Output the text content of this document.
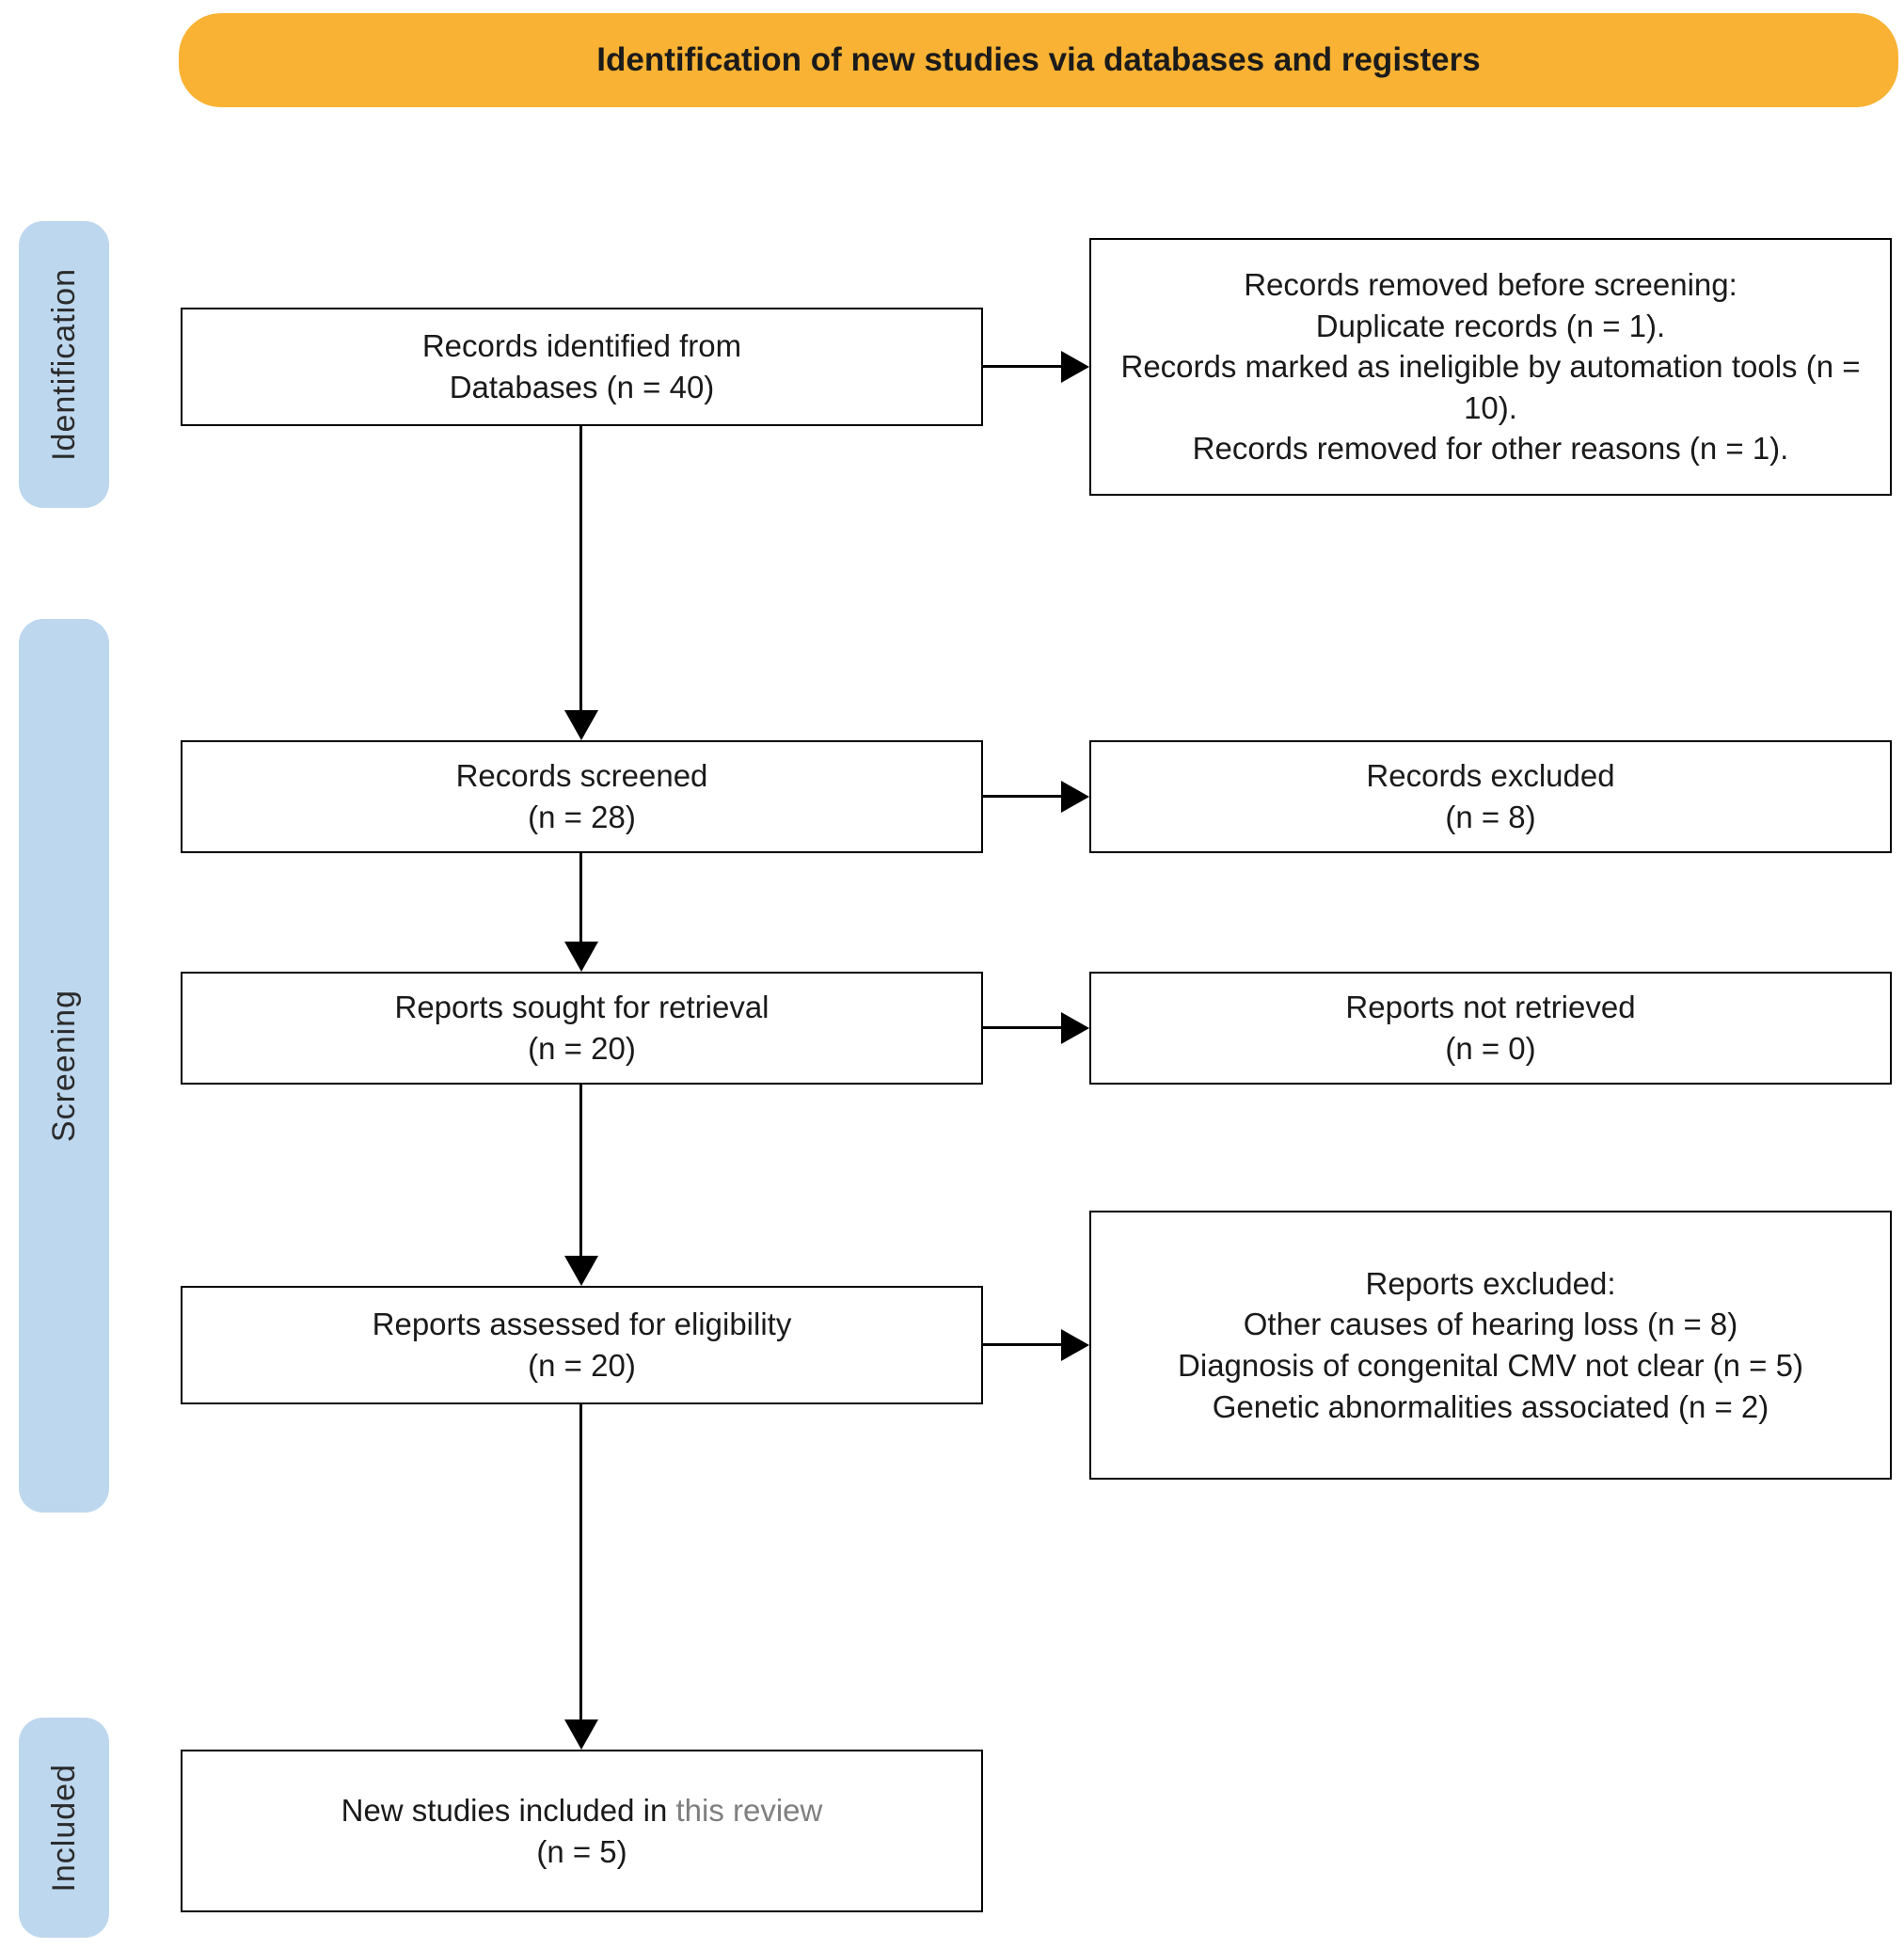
Identification of new studies via databases and registers
Identification
Screening
Included
Records identified from
Databases (n = 40)
Records removed before screening:
Duplicate records (n = 1).
Records marked as ineligible by automation tools (n = 10).
Records removed for other reasons (n = 1).
Records screened
(n = 28)
Records excluded
(n = 8)
Reports sought for retrieval
(n = 20)
Reports not retrieved
(n = 0)
Reports assessed for eligibility
(n = 20)
Reports excluded:
Other causes of hearing loss (n = 8)
Diagnosis of congenital CMV not clear (n = 5)
Genetic abnormalities associated (n = 2)
New studies included in this review
(n = 5)
